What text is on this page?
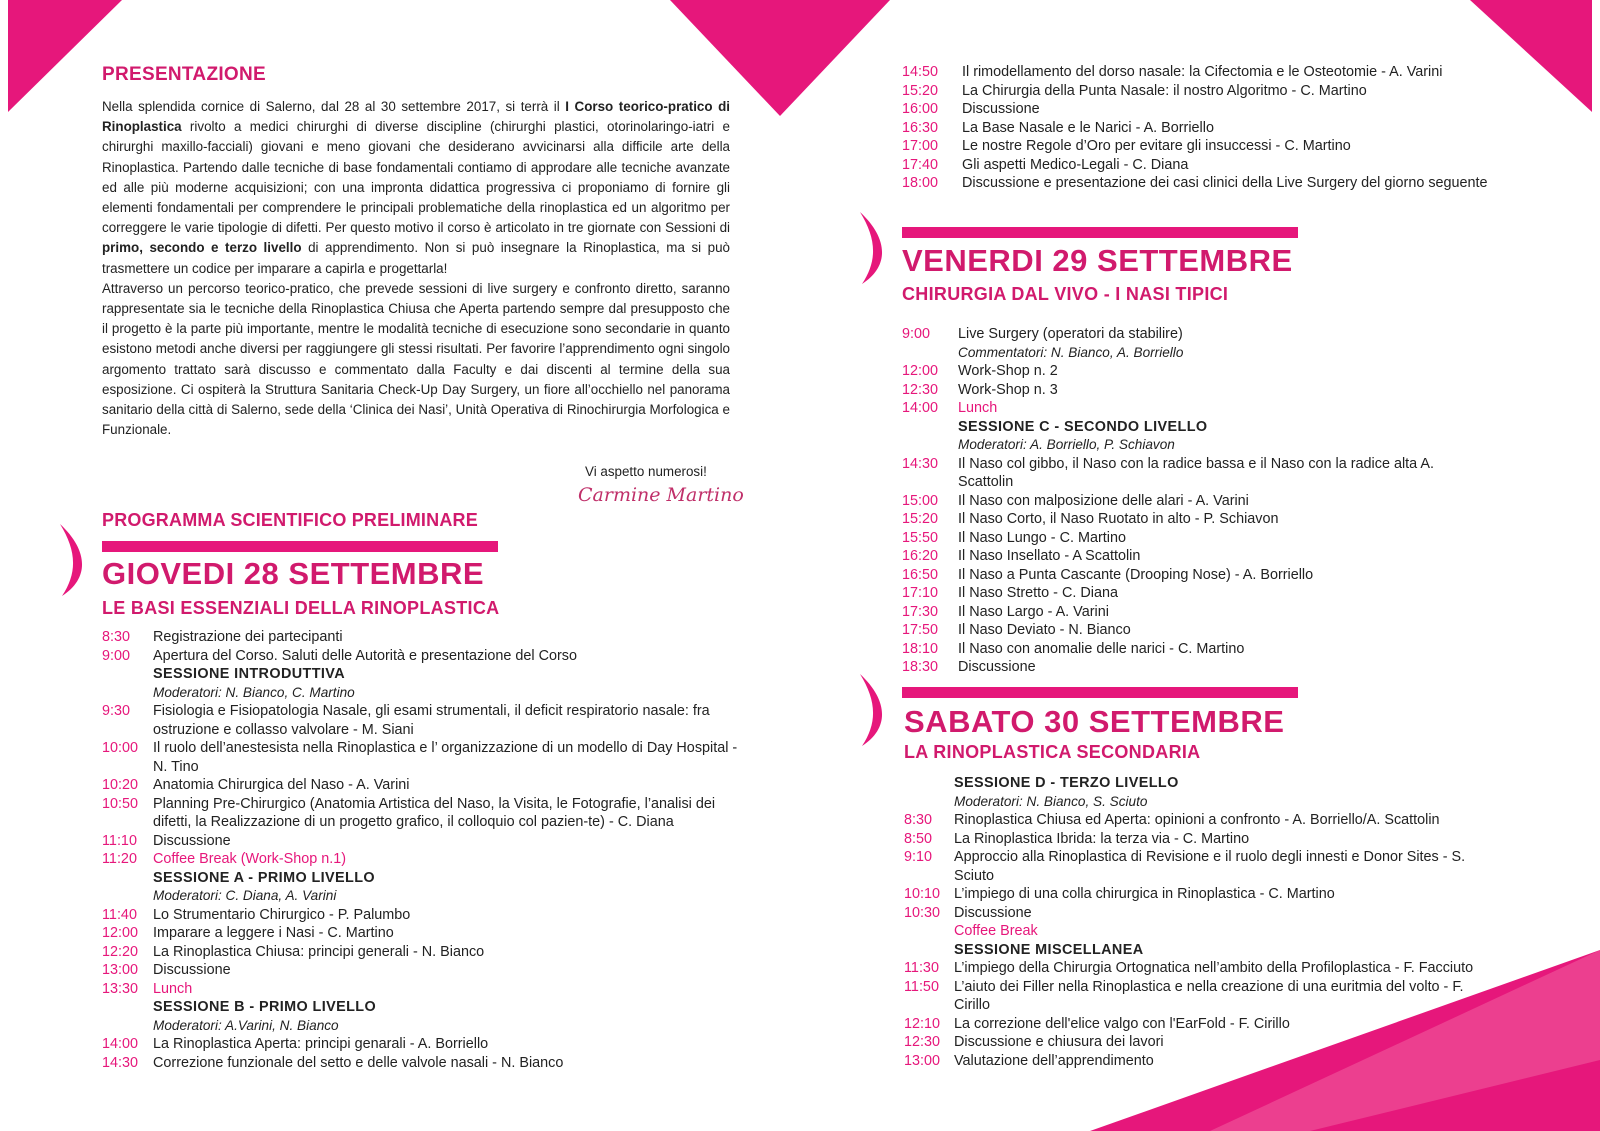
PRESENTAZIONE

Nella splendida cornice di Salerno, dal 28 al 30 settembre 2017, si terrà il I Corso teorico-pratico di Rinoplastica rivolto a medici chirurghi di diverse discipline (chirurghi plastici, otorinolaringo-iatri e chirurghi maxillo-facciali) giovani e meno giovani che desiderano avvicinarsi alla difficile arte della Rinoplastica. Partendo dalle tecniche di base fondamentali contiamo di approdare alle tecniche avanzate ed alle più moderne acquisizioni; con una impronta didattica progressiva ci proponiamo di fornire gli elementi fondamentali per comprendere le principali problematiche della rinoplastica ed un algoritmo per correggere le varie tipologie di difetti. Per questo motivo il corso è articolato in tre giornate con Sessioni di primo, secondo e terzo livello di apprendimento. Non si può insegnare la Rinoplastica, ma si può trasmettere un codice per imparare a capirla e progettarla!

Attraverso un percorso teorico-pratico, che prevede sessioni di live surgery e confronto diretto, saranno rappresentate sia le tecniche della Rinoplastica Chiusa che Aperta partendo sempre dal presupposto che il progetto è la parte più importante, mentre le modalità tecniche di esecuzione sono secondarie in quanto esistono metodi anche diversi per raggiungere gli stessi risultati. Per favorire l’apprendimento ogni singolo argomento trattato sarà discusso e commentato dalla Faculty e dai discenti al termine della sua esposizione. Ci ospiterà la Struttura Sanitaria Check-Up Day Surgery, un fiore all’occhiello nel panorama sanitario della città di Salerno, sede della ‘Clinica dei Nasi’, Unità Operativa di Rinochirurgia Morfologica e Funzionale.

Vi aspetto numerosi!
Carmine Martino
PROGRAMMA SCIENTIFICO PRELIMINARE
GIOVEDI 28 SETTEMBRE
LE BASI ESSENZIALI DELLA RINOPLASTICA
8:30	Registrazione dei partecipanti
9:00	Apertura del Corso. Saluti delle Autorità e presentazione del Corso
SESSIONE INTRODUTTIVA
Moderatori: N. Bianco, C. Martino
9:30	Fisiologia e Fisiopatologia Nasale, gli esami strumentali, il deficit respiratorio nasale: fra ostruzione e collasso valvolare - M. Siani
10:00	Il ruolo dell’anestesista nella Rinoplastica e l’ organizzazione di un modello di Day Hospital - N. Tino
10:20	Anatomia Chirurgica del Naso - A. Varini
10:50	Planning Pre-Chirurgico (Anatomia Artistica del Naso, la Visita, le Fotografie, l’analisi dei difetti, la Realizzazione di un progetto grafico, il colloquio col pazien-te) - C. Diana
11:10	Discussione
11:20	Coffee Break (Work-Shop n.1)
SESSIONE A - PRIMO LIVELLO
Moderatori: C. Diana, A. Varini
11:40	Lo Strumentario Chirurgico - P. Palumbo
12:00	Imparare a leggere i Nasi - C. Martino
12:20	La Rinoplastica Chiusa: principi generali - N. Bianco
13:00	Discussione
13:30	Lunch
SESSIONE B - PRIMO LIVELLO
Moderatori: A.Varini, N. Bianco
14:00	La Rinoplastica Aperta: principi genarali - A. Borriello
14:30	Correzione funzionale del setto e delle valvole nasali - N. Bianco
14:50	Il rimodellamento del dorso nasale: la Cifectomia e le Osteotomie - A. Varini
15:20	La Chirurgia della Punta Nasale: il nostro Algoritmo - C. Martino
16:00	Discussione
16:30	La Base Nasale e le Narici - A. Borriello
17:00	Le nostre Regole d’Oro per evitare gli insuccessi - C. Martino
17:40	Gli aspetti Medico-Legali - C. Diana
18:00	Discussione e presentazione dei casi clinici della Live Surgery del giorno seguente
VENERDI 29 SETTEMBRE
CHIRURGIA DAL VIVO - I NASI TIPICI
9:00	Live Surgery (operatori da stabilire)
Commentatori: N. Bianco, A. Borriello
12:00	Work-Shop n. 2
12:30	Work-Shop n. 3
14:00	Lunch
SESSIONE C - SECONDO LIVELLO
Moderatori: A. Borriello, P. Schiavon
14:30	Il Naso col gibbo, il Naso con la radice bassa e il Naso con la radice alta A. Scattolin
15:00	Il Naso con malposizione delle alari - A. Varini
15:20	Il Naso Corto, il Naso Ruotato in alto - P. Schiavon
15:50	Il Naso Lungo - C. Martino
16:20	Il Naso Insellato - A Scattolin
16:50	Il Naso a Punta Cascante (Drooping Nose) - A. Borriello
17:10	Il Naso Stretto - C. Diana
17:30	Il Naso Largo - A. Varini
17:50	Il Naso Deviato - N. Bianco
18:10	Il Naso con anomalie delle narici - C. Martino
18:30	Discussione
SABATO 30 SETTEMBRE
LA RINOPLASTICA SECONDARIA
SESSIONE D - TERZO LIVELLO
Moderatori: N. Bianco, S. Sciuto
8:30	Rinoplastica Chiusa ed Aperta: opinioni a confronto - A. Borriello/A. Scattolin
8:50	La Rinoplastica Ibrida: la terza via - C. Martino
9:10	Approccio alla Rinoplastica di Revisione e il ruolo degli innesti e Donor Sites - S. Sciuto
10:10 L’impiego di una colla chirurgica in Rinoplastica - C. Martino
10:30 Discussione
Coffee Break
SESSIONE MISCELLANEA
11:30	L’impiego della Chirurgia Ortognatica nell’ambito della Profiloplastica - F. Facciuto
11:50	L’aiuto dei Filler nella Rinoplastica e nella creazione di una euritmia del volto - F. Cirillo
12:10 La correzione dell'elice valgo con l'EarFold - F. Cirillo
12:30 Discussione e chiusura dei lavori
13:00 Valutazione dell’apprendimento
